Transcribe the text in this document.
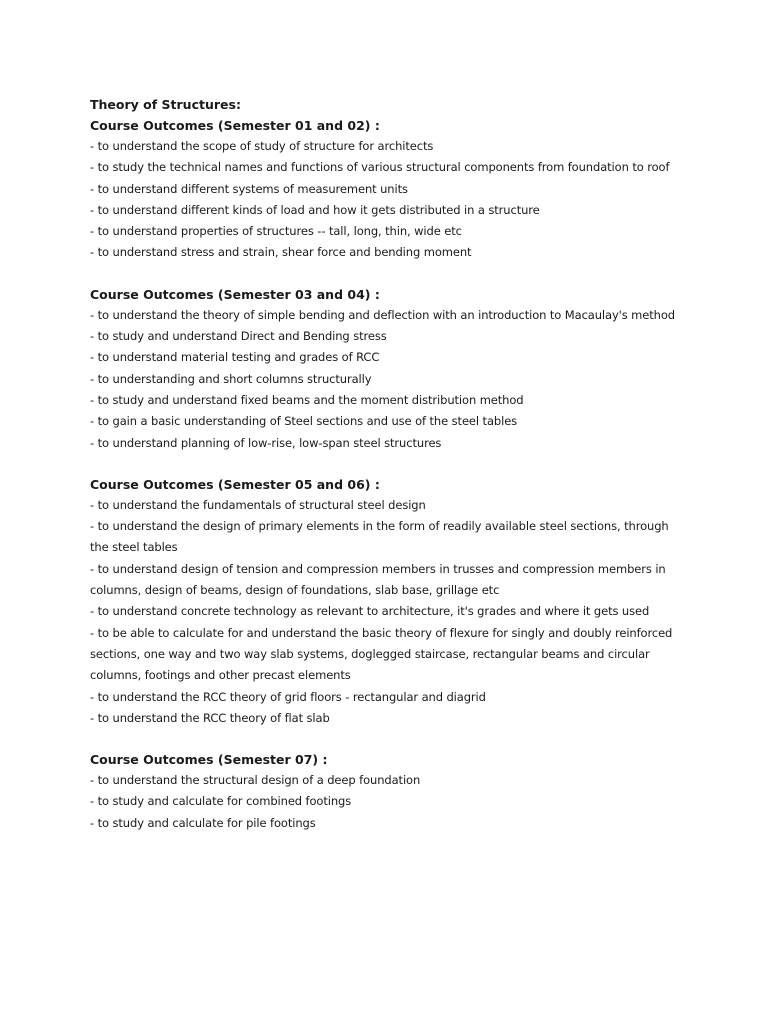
Theory of Structures:

Course Outcomes (Semester 01 and 02) :

- to understand the scope of study of structure for architects

- to study the technical names and functions of various structural components from foundation to roof

- to understand different systems of measurement units

- to understand different kinds of load and how it gets distributed in a structure

- to understand properties of structures -- tall, long, thin, wide etc

- to understand stress and strain, shear force and bending moment

Course Outcomes (Semester 03 and 04) :

- to understand the theory of simple bending and deflection with an introduction to Macaulay's method

- to study and understand Direct and Bending stress

- to understand material testing and grades of RCC

- to understanding and short columns structurally

- to study and understand fixed beams and the moment distribution method

- to gain a basic understanding of Steel sections and use of the steel tables

- to understand planning of low-rise, low-span steel structures

Course Outcomes (Semester 05 and 06) :

- to understand the fundamentals of structural steel design

- to understand the design of primary elements in the form of readily available steel sections, through the steel tables

- to understand design of tension and compression members in trusses and compression members in columns, design of beams, design of foundations, slab base, grillage etc

- to understand concrete technology as relevant to architecture, it's grades and where it gets used

- to be able to calculate for and understand the basic theory of flexure for singly and doubly reinforced sections, one way and two way slab systems, doglegged staircase, rectangular beams and circular columns, footings and other precast elements

- to understand the RCC theory of grid floors - rectangular and diagrid

- to understand the RCC theory of flat slab

Course Outcomes (Semester 07) :

- to understand the structural design of a deep foundation

- to study and calculate for combined footings

- to study and calculate for pile footings
